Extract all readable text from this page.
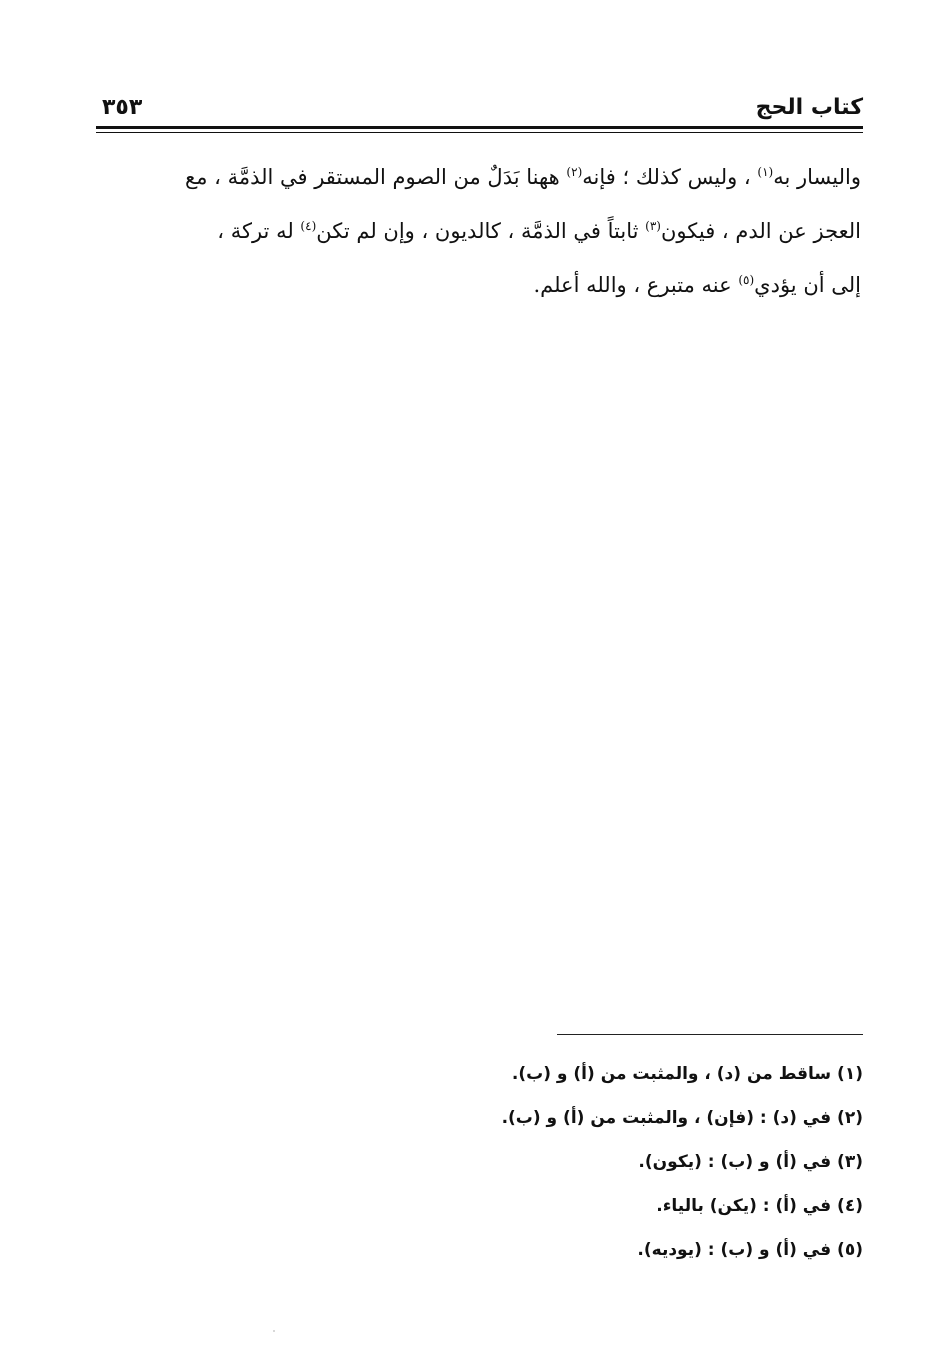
كتاب الحج
٣٥٣
واليسار به$^{(١)}$ ، وليس كذلك ؛ فإنه$^{(٢)}$ ههنا بَدَلٌ من الصوم المستقر في الذمَّة ، مع
العجز عن الدم ، فيكون$^{(٣)}$ ثابتاً في الذمَّة ، كالديون ، وإن لم تكن$^{(٤)}$ له تركة ،
إلى أن يؤدي$^{(٥)}$ عنه متبرع ، والله أعلم.
(١) ساقط من (د) ، والمثبت من (أ) و (ب).
(٢) في (د) : (فإن) ، والمثبت من (أ) و (ب).
(٣) في (أ) و (ب) : (يكون).
(٤) في (أ) : (يكن) بالياء.
(٥) في (أ) و (ب) : (يوديه).
